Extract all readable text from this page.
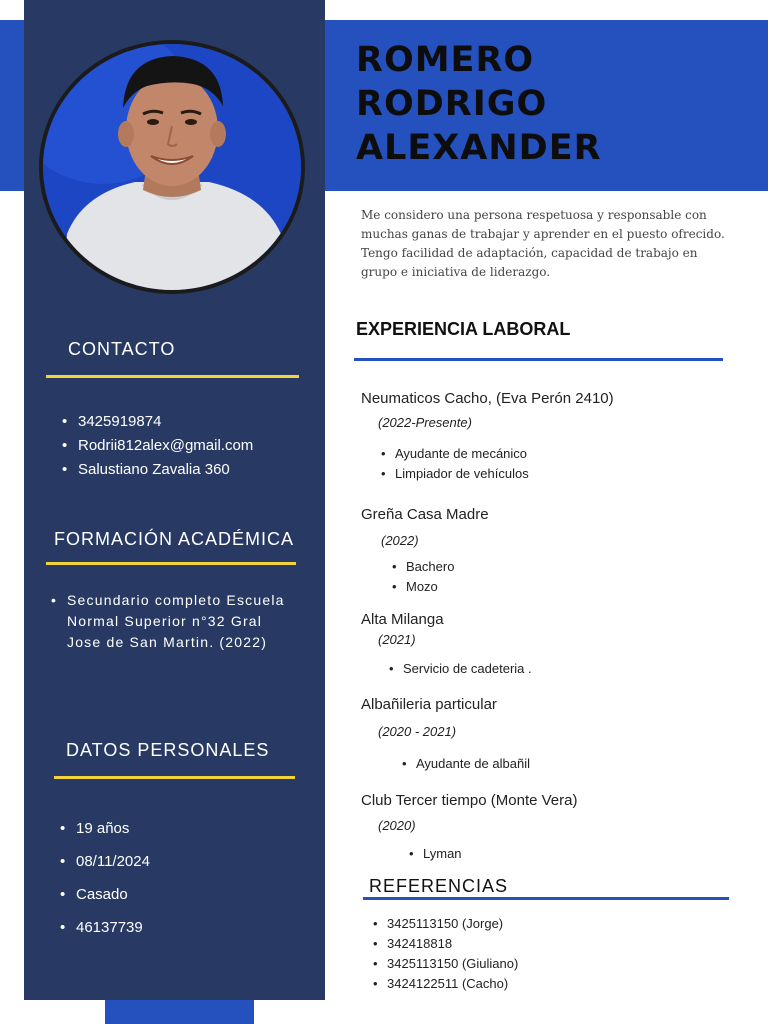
ROMERO
RODRIGO
ALEXANDER

Me considero una persona respetuosa y responsable con muchas ganas de trabajar y aprender en el puesto ofrecido. Tengo facilidad de adaptación, capacidad de trabajo en grupo e iniciativa de liderazgo.

CONTACTO
• 3425919874
• Rodrii812alex@gmail.com
• Salustiano Zavalia 360
FORMACIÓN ACADÉMICA
• Secundario completo Escuela Normal Superior n°32 Gral Jose de San Martin. (2022)
DATOS PERSONALES
• 19 años
• 08/11/2024
• Casado
• 46137739
EXPERIENCIA LABORAL

Neumaticos Cacho, (Eva Perón 2410)

(2022-Presente)

• Ayudante de mecánico
• Limpiador de vehículos

Greña Casa Madre

(2022)

• Bachero
• Mozo

Alta Milanga

(2021)

• Servicio de cadeteria .

Albañileria particular

(2020 - 2021)

• Ayudante de albañil

Club Tercer tiempo (Monte Vera)

(2020)

• Lyman
REFERENCIAS
• 3425113150 (Jorge)
• 342418818
• 3425113150 (Giuliano)
• 3424122511 (Cacho)
